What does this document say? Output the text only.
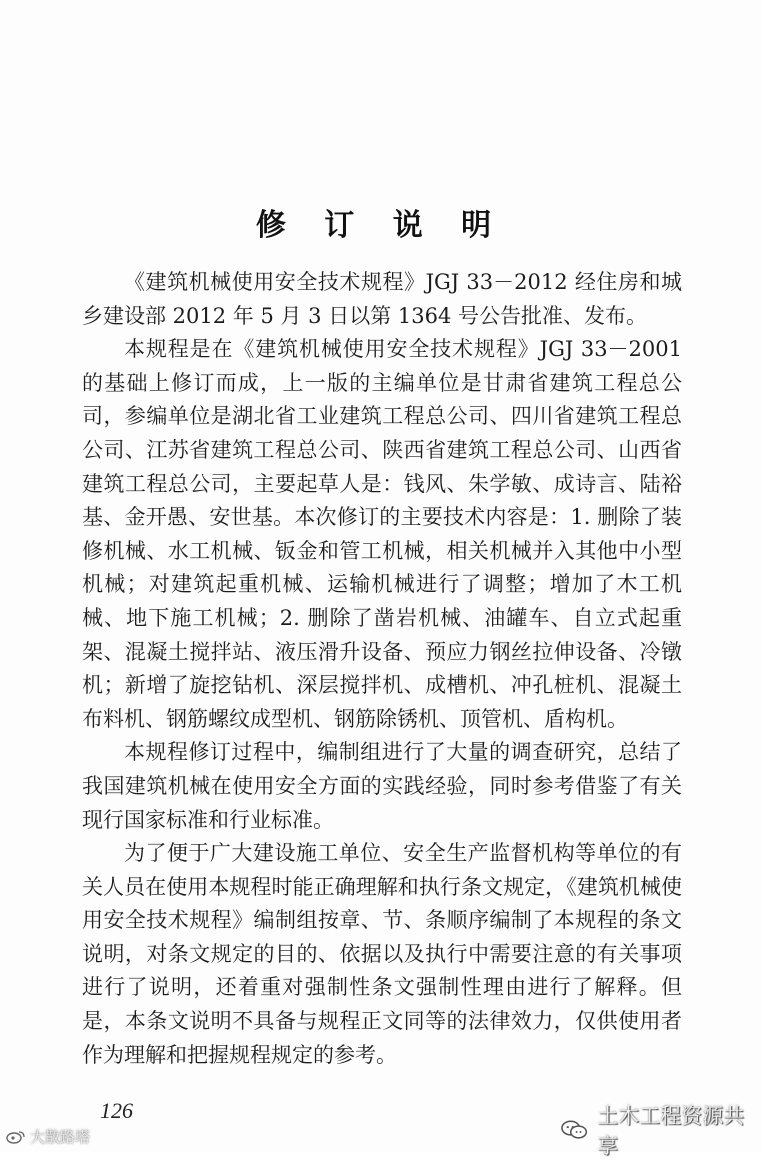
修 订 说 明

《建筑机械使用安全技术规程》JGJ 33－2012 经住房和城乡建设部 2012 年 5 月 3 日以第 1364 号公告批准、发布。

本规程是在《建筑机械使用安全技术规程》JGJ 33－2001 的基础上修订而成，上一版的主编单位是甘肃省建筑工程总公司，参编单位是湖北省工业建筑工程总公司、四川省建筑工程总公司、江苏省建筑工程总公司、陕西省建筑工程总公司、山西省建筑工程总公司，主要起草人是：钱风、朱学敏、成诗言、陆裕基、金开愚、安世基。本次修订的主要技术内容是：1. 删除了装修机械、水工机械、钣金和管工机械，相关机械并入其他中小型机械；对建筑起重机械、运输机械进行了调整；增加了木工机械、地下施工机械；2. 删除了凿岩机械、油罐车、自立式起重架、混凝土搅拌站、液压滑升设备、预应力钢丝拉伸设备、冷镦机；新增了旋挖钻机、深层搅拌机、成槽机、冲孔桩机、混凝土布料机、钢筋螺纹成型机、钢筋除锈机、顶管机、盾构机。

本规程修订过程中，编制组进行了大量的调查研究，总结了我国建筑机械在使用安全方面的实践经验，同时参考借鉴了有关现行国家标准和行业标准。

为了便于广大建设施工单位、安全生产监督机构等单位的有关人员在使用本规程时能正确理解和执行条文规定，《建筑机械使用安全技术规程》编制组按章、节、条顺序编制了本规程的条文说明，对条文规定的目的、依据以及执行中需要注意的有关事项进行了说明，还着重对强制性条文强制性理由进行了解释。但是，本条文说明不具备与规程正文同等的法律效力，仅供使用者作为理解和把握规程规定的参考。

126	土木工程资源共享
大散路塔
